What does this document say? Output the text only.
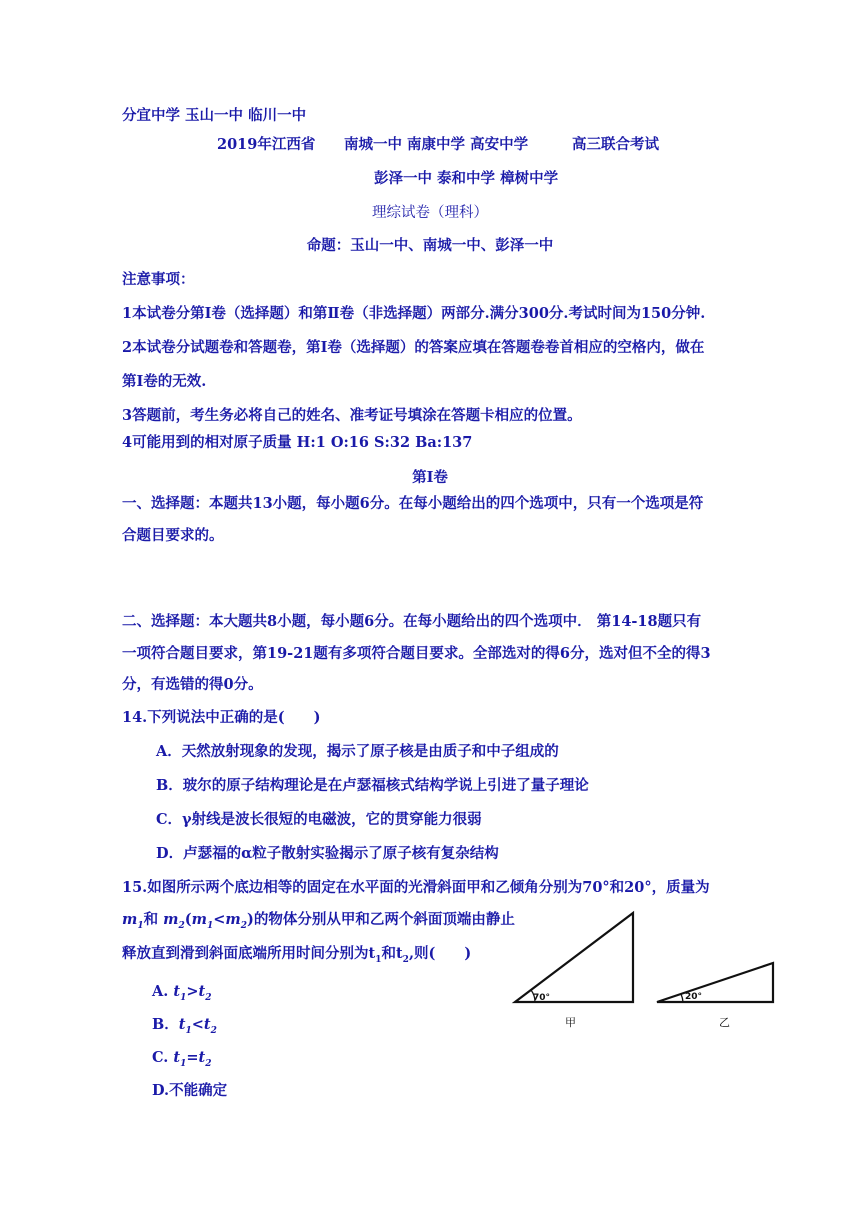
分宜中学 玉山一中 临川一中
2019年江西省 南城一中 南康中学 高安中学	高三联合考试
彭泽一中 泰和中学 樟树中学
理综试卷（理科）
命题：玉山一中、南城一中、彭泽一中
注意事项：
1本试卷分第Ⅰ卷（选择题）和第Ⅱ卷（非选择题）两部分.满分300分.考试时间为150分钟.
2本试卷分试题卷和答题卷，第Ⅰ卷（选择题）的答案应填在答题卷卷首相应的空格内，做在
第Ⅰ卷的无效.
3答题前，考生务必将自己的姓名、准考证号填涂在答题卡相应的位置。
4可能用到的相对原子质量 H:1 O:16 S:32 Ba:137
第Ⅰ卷
一、选择题：本题共13小题，每小题6分。在每小题给出的四个选项中，只有一个选项是符
合题目要求的。
二、选择题：本大题共8小题，每小题6分。在每小题给出的四个选项中． 第14-18题只有
一项符合题目要求，第19-21题有多项符合题目要求。全部选对的得6分，选对但不全的得3
分，有选错的得0分。
14.下列说法中正确的是(　　)
A．天然放射现象的发现，揭示了原子核是由质子和中子组成的
B．玻尔的原子结构理论是在卢瑟福核式结构学说上引进了量子理论
C．γ射线是波长很短的电磁波，它的贯穿能力很弱
D．卢瑟福的α粒子散射实验揭示了原子核有复杂结构
15.如图所示两个底边相等的固定在水平面的光滑斜面甲和乙倾角分别为70°和20°，质量为
$m_1$和 $m_2(m_1<m_2)$的物体分别从甲和乙两个斜面顶端由静止
释放直到滑到斜面底端所用时间分别为$t_1$和$t_2$,则(　　)
A. $t_1>t_2$
B．$t_1<t_2$
C. $t_1=t_2$
D.不能确定
70°
甲
20°
乙
